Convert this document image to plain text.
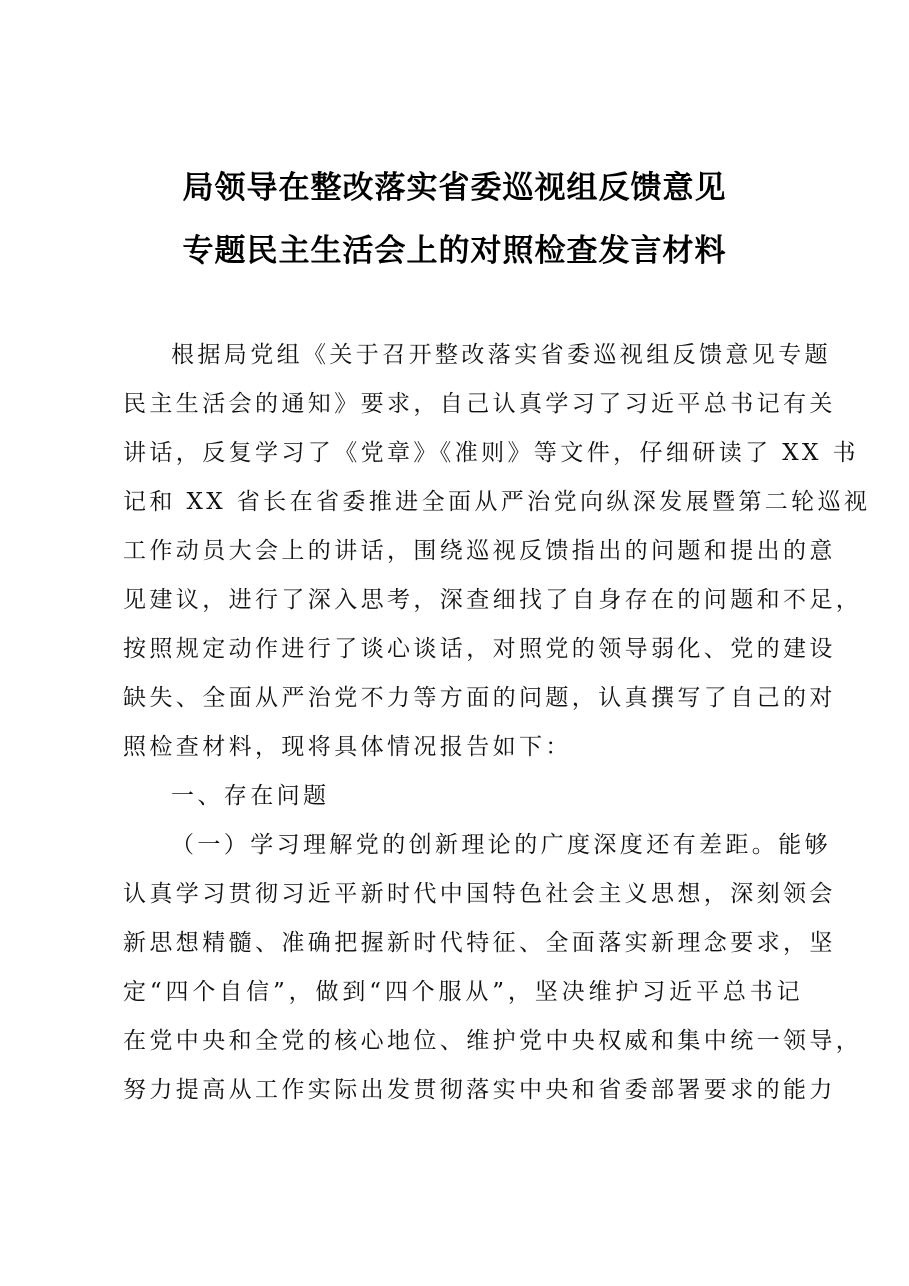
局领导在整改落实省委巡视组反馈意见
专题民主生活会上的对照检查发言材料
根据局党组《关于召开整改落实省委巡视组反馈意见专题
民主生活会的通知》要求，自己认真学习了习近平总书记有关
讲话，反复学习了《党章》《准则》等文件，仔细研读了 XX 书
记和 XX 省长在省委推进全面从严治党向纵深发展暨第二轮巡视
工作动员大会上的讲话，围绕巡视反馈指出的问题和提出的意
见建议，进行了深入思考，深查细找了自身存在的问题和不足，
按照规定动作进行了谈心谈话，对照党的领导弱化、党的建设
缺失、全面从严治党不力等方面的问题，认真撰写了自己的对
照检查材料，现将具体情况报告如下：
一、存在问题
（一）学习理解党的创新理论的广度深度还有差距。能够
认真学习贯彻习近平新时代中国特色社会主义思想，深刻领会
新思想精髓、准确把握新时代特征、全面落实新理念要求，坚
定“四个自信”，做到“四个服从”，坚决维护习近平总书记
在党中央和全党的核心地位、维护党中央权威和集中统一领导，
努力提高从工作实际出发贯彻落实中央和省委部署要求的能力
